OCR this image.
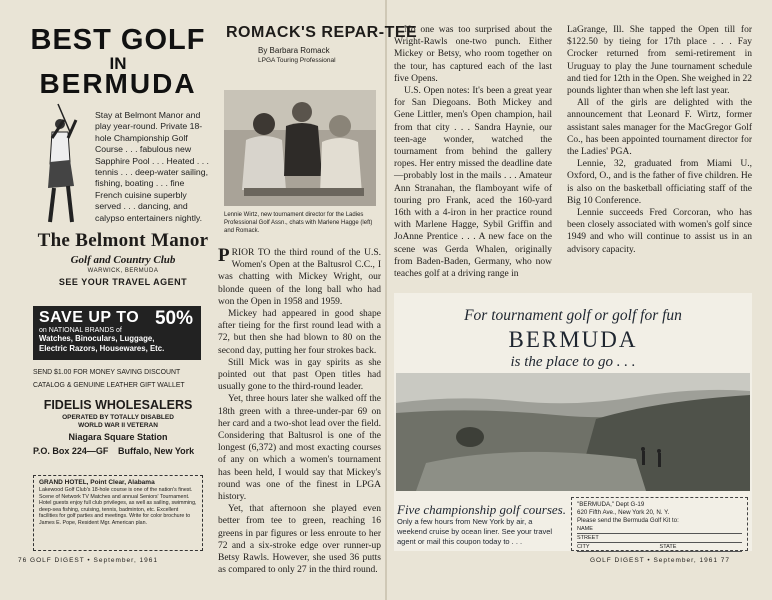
BEST GOLF
IN
BERMUDA
Stay at Belmont Manor and play year-round. Private 18-hole Championship Golf Course . . . fabulous new Sapphire Pool . . . Heated . . . tennis . . . deep-water sailing, fishing, boating . . . fine French cuisine superbly served . . . dancing, and calypso entertainers nightly.
The Belmont Manor
Golf and Country Club
WARWICK, BERMUDA
SEE YOUR TRAVEL AGENT
SAVE UP TO 50%
on NATIONAL BRANDS of
Watches, Binoculars, Luggage,
Electric Razors, Housewares, Etc.
SEND $1.00 FOR MONEY SAVING DISCOUNT
CATALOG & GENUINE LEATHER GIFT WALLET
FIDELIS WHOLESALERS
OPERATED BY TOTALLY DISABLED
WORLD WAR II VETERAN
Niagara Square Station
P.O. Box 224—GF Buffalo, New York
GRAND HOTEL, Point Clear, Alabama
Lakewood Golf Club's 18-hole course is one of the nation's finest. Scene of Network TV Matches and annual Seniors' Tournament. Hotel guests enjoy full club privileges, as well as sailing, swimming, deep-sea fishing, cruising, tennis, badminton, etc. Excellent facilities for golf parties and meetings. Write for color brochure to James E. Pope, Resident Mgr. American plan.
76 GOLF DIGEST • September, 1961
ROMACK'S REPAR-TEE
By Barbara Romack
LPGA Touring Professional
Lennie Wirtz, new tournament director for the Ladies Professional Golf Assn., chats with Marlene Hagge (left) and Romack.

PRIOR TO the third round of the U.S. Women's Open at the Baltusrol C.C., I was chatting with Mickey Wright, our blonde queen of the long ball who had won the Open in 1958 and 1959.

Mickey had appeared in good shape after tieing for the first round lead with a 72, but then she had blown to 80 on the second day, putting her four strokes back.

Still Mick was in gay spirits as she pointed out that past Open titles had usually gone to the third-round leader.

Yet, three hours later she walked off the 18th green with a three-under-par 69 on her card and a two-shot lead over the field. Considering that Baltusrol is one of the longest (6,372) and most exacting courses of any on which a women's tournament has been held, I would say that Mickey's round was one of the finest in LPGA history.

Yet, that afternoon she played even better from tee to green, reaching 16 greens in par figures or less enroute to her 72 and a six-stroke edge over runner-up Betsy Rawls. However, she used 36 putts as compared to only 27 in the third round.

No one was too surprised about the Wright-Rawls one-two punch. Either Mickey or Betsy, who room together on the tour, has captured each of the last five Opens.

U.S. Open notes: It's been a great year for San Diegoans. Both Mickey and Gene Littler, men's Open champion, hail from that city . . . Sandra Haynie, our teen-age wonder, watched the tournament from behind the gallery ropes. Her entry missed the deadline date—probably lost in the mails . . . Amateur Ann Stranahan, the flamboyant wife of touring pro Frank, aced the 160-yard 16th with a 4-iron in her practice round with Marlene Hagge, Sybil Griffin and JoAnne Prentice . . . A new face on the scene was Gerda Whalen, originally from Baden-Baden, Germany, who now teaches golf at a driving range in

LaGrange, Ill. She tapped the Open till for $122.50 by tieing for 17th place . . . Fay Crocker returned from semi-retirement in Uruguay to play the June tournament schedule and tied for 12th in the Open. She weighed in 22 pounds lighter than when she left last year.

All of the girls are delighted with the announcement that Leonard F. Wirtz, former assistant sales manager for the MacGregor Golf Co., has been appointed tournament director for the Ladies' PGA.

Lennie, 32, graduated from Miami U., Oxford, O., and is the father of five children. He is also on the basketball officiating staff of the Big 10 Conference.

Lennie succeeds Fred Corcoran, who has been closely associated with women's golf since 1949 and who will continue to assist us in an advisory capacity.

For tournament golf or golf for fun
BERMUDA
is the place to go . . .
Five championship golf courses.
Only a few hours from New York by air, a weekend cruise by ocean liner. See your travel agent or mail this coupon today to . . .
"BERMUDA," Dept G-19
620 Fifth Ave., New York 20, N. Y.
Please send the Bermuda Golf Kit to:
NAME
STREET
CITY	STATE
GOLF DIGEST • September, 1961 77
